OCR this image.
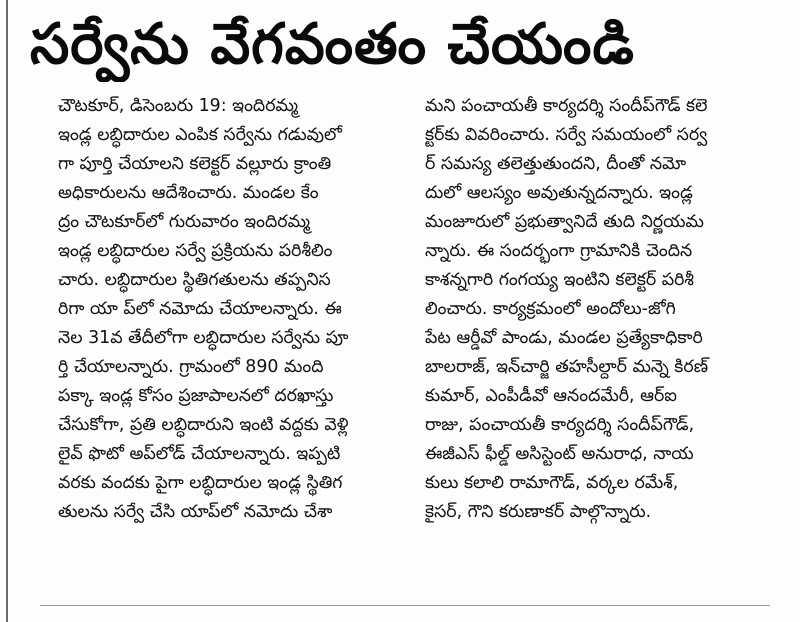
సర్వేను వేగవంతం చేయండి
చౌటకూర్, డిసెంబరు 19: ఇందిరమ్మ
ఇండ్ల లబ్ధిదారుల ఎంపిక సర్వేను గడువులో
గా పూర్తి చేయాలని కలెక్టర్ వల్లూరు క్రాంతి
అధికారులను ఆదేశించారు. మండల కేం
ద్రం చౌటకూర్‌లో గురువారం ఇందిరమ్మ
ఇండ్ల లబ్ధిదారుల సర్వే ప్రక్రియను పరిశీలిం
చారు. లబ్ధిదారుల స్థితిగతులను తప్పనిస
రిగా యా ప్‌లో నమోదు చేయాలన్నారు. ఈ
నెల 31వ తేదీలోగా లబ్ధిదారుల సర్వేను పూ
ర్తి చేయాలన్నారు. గ్రామంలో 890 మంది
పక్కా ఇండ్ల కోసం ప్రజాపాలనలో దరఖాస్తు
చేసుకోగా, ప్రతి లబ్ధిదారుని ఇంటి వద్దకు వెళ్లి
లైవ్ ఫొటో అప్‌లోడ్ చేయాలన్నారు. ఇప్పటి
వరకు వందకు పైగా లబ్ధిదారుల ఇండ్ల స్థితిగ
తులను సర్వే చేసి యాప్‌లో నమోదు చేశా
మని పంచాయతీ కార్యదర్శి సందీప్‌గౌడ్ కలె
క్టర్‌కు వివరించారు. సర్వే సమయంలో సర్వ
ర్ సమస్య తలెత్తుతుందని, దీంతో నమో
దులో ఆలస్యం అవుతున్నదన్నారు. ఇండ్ల
మంజూరులో ప్రభుత్వానిదే తుది నిర్ణయమ
న్నారు. ఈ సందర్భంగా గ్రామానికి చెందిన
కాశన్నగారి గంగయ్య ఇంటిని కలెక్టర్ పరిశీ
లించారు. కార్యక్రమంలో అందోలు-జోగి
పేట ఆర్డీవో పాండు, మండల ప్రత్యేకాధికారి
బాలరాజ్, ఇన్‌చార్జి తహసీల్దార్ మన్నె కిరణ్
కుమార్, ఎంపీడీవో ఆనందమేరీ, ఆర్‌ఐ
రాజు, పంచాయతీ కార్యదర్శి సందీప్‌గౌడ్,
ఈజీఎస్ ఫీల్డ్ అసిస్టెంట్ అనురాధ, నాయ
కులు కలాలి రామాగౌడ్, వర్కల రమేశ్,
కైసర్, గౌని కరుణాకర్ పాల్గొన్నారు.
